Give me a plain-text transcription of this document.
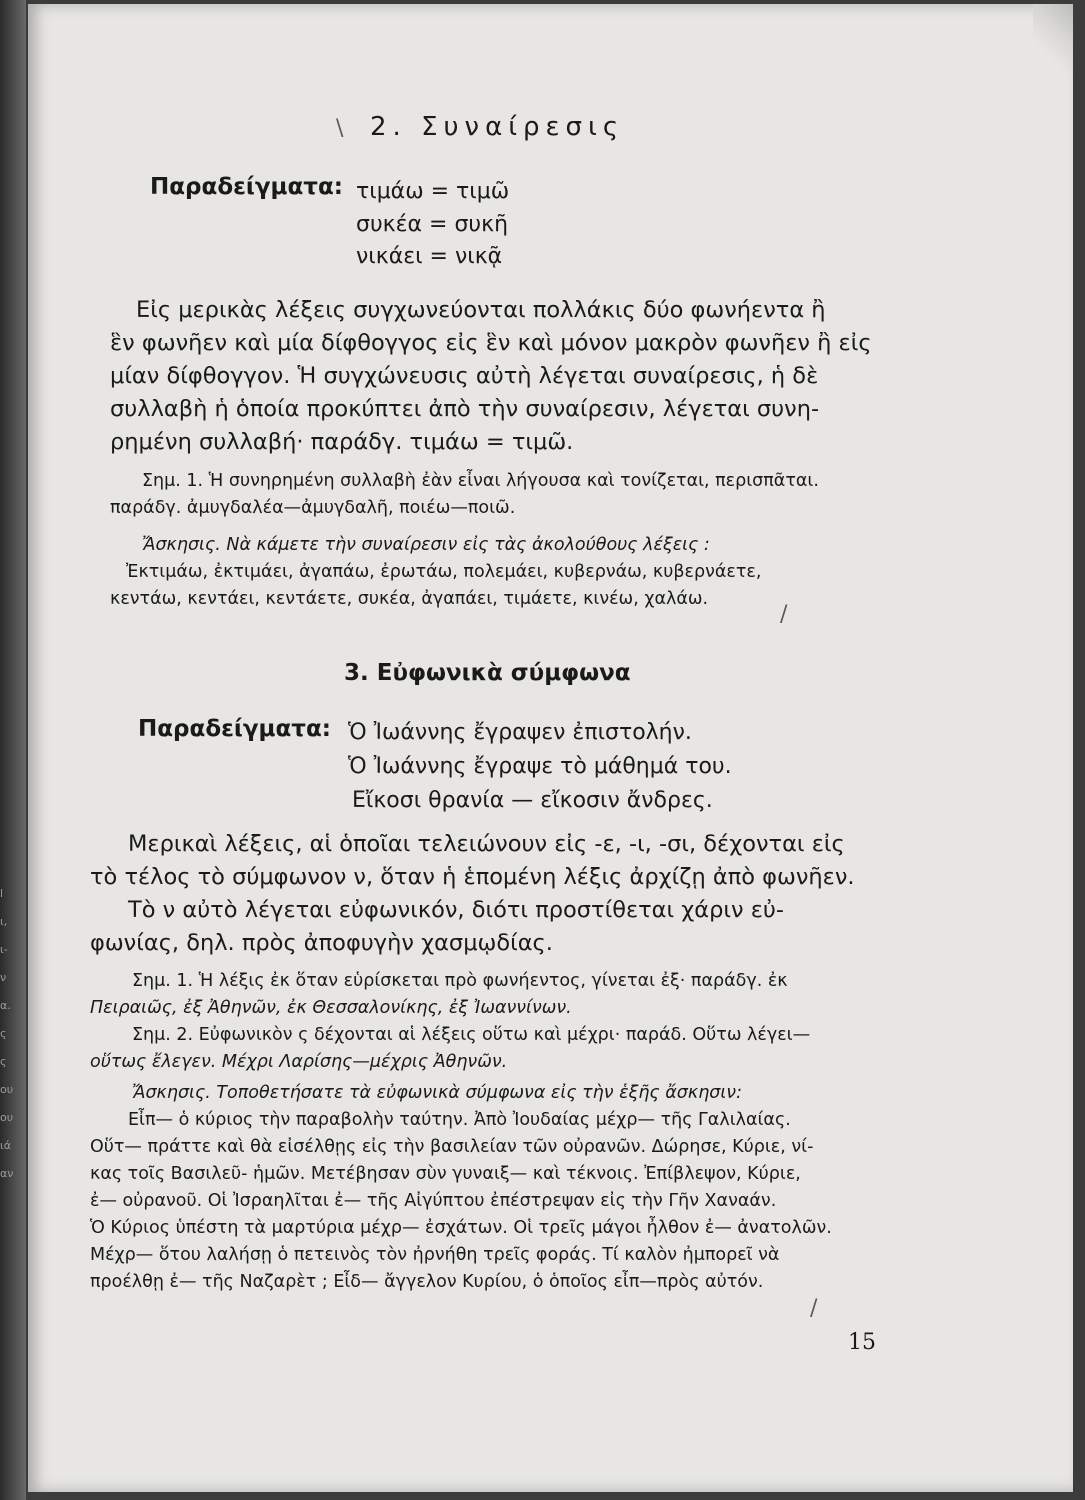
l
ι,
ι-
ν
α.
ς
ς
ου
ου
ιά
αν
\ 2. Συναίρεσις
Παραδείγματα: τιμάω = τιμῶ
συκέα = συκῆ
νικάει = νικᾷ
Εἰς μερικὰς λέξεις συγχωνεύονται πολλάκις δύο φωνήεντα ἢ
ἓν φωνῆεν καὶ μία δίφθογγος εἰς ἓν καὶ μόνον μακρὸν φωνῆεν ἢ εἰς
μίαν δίφθογγον. Ἡ συγχώνευσις αὐτὴ λέγεται συναίρεσις, ἡ δὲ
συλλαβὴ ἡ ὁποία προκύπτει ἀπὸ τὴν συναίρεσιν, λέγεται συνη-
ρημένη συλλαβή· παράδγ. τιμάω = τιμῶ.
Σημ. 1. Ἡ συνηρημένη συλλαβὴ ἐὰν εἶναι λήγουσα καὶ τονίζεται, περισπᾶται.
παράδγ. ἀμυγδαλέα—ἀμυγδαλῆ, ποιέω—ποιῶ.
Ἄσκησις. Νὰ κάμετε τὴν συναίρεσιν εἰς τὰς ἀκολούθους λέξεις :
Ἐκτιμάω, ἐκτιμάει, ἀγαπάω, ἐρωτάω, πολεμάει, κυβερνάω, κυβερνάετε,
κεντάω, κεντάει, κεντάετε, συκέα, ἀγαπάει, τιμάετε, κινέω, χαλάω.
/
3. Εὐφωνικὰ σύμφωνα
Παραδείγματα: Ὁ Ἰωάννης ἔγραψεν ἐπιστολήν.
Ὁ Ἰωάννης ἔγραψε τὸ μάθημά του.
Εἴκοσι θρανία — εἴκοσιν ἄνδρες.
Μερικαὶ λέξεις, αἱ ὁποῖαι τελειώνουν εἰς -ε, -ι, -σι, δέχονται εἰς
τὸ τέλος τὸ σύμφωνον ν, ὅταν ἡ ἑπομένη λέξις ἀρχίζῃ ἀπὸ φωνῆεν.
Τὸ ν αὐτὸ λέγεται εὐφωνικόν, διότι προστίθεται χάριν εὐ-
φωνίας, δηλ. πρὸς ἀποφυγὴν χασμῳδίας.
Σημ. 1. Ἡ λέξις ἐκ ὅταν εὑρίσκεται πρὸ φωνήεντος, γίνεται ἐξ· παράδγ. ἐκ
Πειραιῶς, ἐξ Ἀθηνῶν, ἐκ Θεσσαλονίκης, ἐξ Ἰωαννίνων.
Σημ. 2. Εὐφωνικὸν ς δέχονται αἱ λέξεις οὕτω καὶ μέχρι· παράδ. Οὕτω λέγει—
οὕτως ἔλεγεν. Μέχρι Λαρίσης—μέχρις Ἀθηνῶν.
Ἄσκησις. Τοποθετήσατε τὰ εὐφωνικὰ σύμφωνα εἰς τὴν ἑξῆς ἄσκησιν:
Εἶπ— ὁ κύριος τὴν παραβολὴν ταύτην. Ἀπὸ Ἰουδαίας μέχρ— τῆς Γαλιλαίας.
Οὕτ— πράττε καὶ θὰ εἰσέλθῃς εἰς τὴν βασιλείαν τῶν οὐρανῶν. Δώρησε, Κύριε, νί-
κας τοῖς Βασιλεῦ- ἡμῶν. Μετέβησαν σὺν γυναιξ— καὶ τέκνοις. Ἐπίβλεψον, Κύριε,
ἐ— οὐρανοῦ. Οἱ Ἰσραηλῖται ἐ— τῆς Αἰγύπτου ἐπέστρεψαν εἰς τὴν Γῆν Χαναάν.
Ὁ Κύριος ὑπέστη τὰ μαρτύρια μέχρ— ἐσχάτων. Οἱ τρεῖς μάγοι ἦλθον ἐ— ἀνατολῶν.
Μέχρ— ὅτου λαλήσῃ ὁ πετεινὸς τὸν ἠρνήθη τρεῖς φοράς. Τί καλὸν ἠμπορεῖ νὰ
προέλθῃ ἐ— τῆς Ναζαρὲτ ; Εἶδ— ἄγγελον Κυρίου, ὁ ὁποῖος εἶπ—πρὸς αὐτόν.
/
15
